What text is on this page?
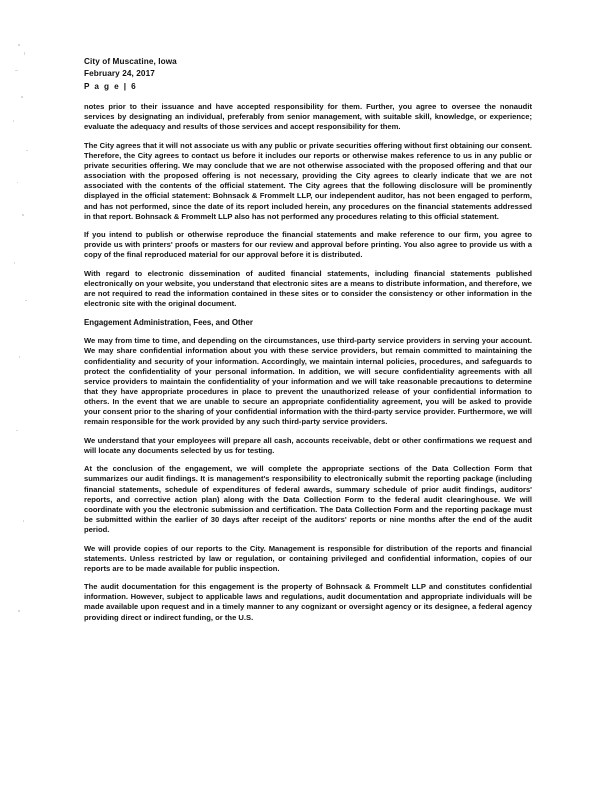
City of Muscatine, Iowa
February 24, 2017
P a g e | 6

notes prior to their issuance and have accepted responsibility for them. Further, you agree to oversee the nonaudit services by designating an individual, preferably from senior management, with suitable skill, knowledge, or experience; evaluate the adequacy and results of those services and accept responsibility for them.

The City agrees that it will not associate us with any public or private securities offering without first obtaining our consent. Therefore, the City agrees to contact us before it includes our reports or otherwise makes reference to us in any public or private securities offering. We may conclude that we are not otherwise associated with the proposed offering and that our association with the proposed offering is not necessary, providing the City agrees to clearly indicate that we are not associated with the contents of the official statement. The City agrees that the following disclosure will be prominently displayed in the official statement: Bohnsack & Frommelt LLP, our independent auditor, has not been engaged to perform, and has not performed, since the date of its report included herein, any procedures on the financial statements addressed in that report. Bohnsack & Frommelt LLP also has not performed any procedures relating to this official statement.

If you intend to publish or otherwise reproduce the financial statements and make reference to our firm, you agree to provide us with printers' proofs or masters for our review and approval before printing. You also agree to provide us with a copy of the final reproduced material for our approval before it is distributed.

With regard to electronic dissemination of audited financial statements, including financial statements published electronically on your website, you understand that electronic sites are a means to distribute information, and therefore, we are not required to read the information contained in these sites or to consider the consistency or other information in the electronic site with the original document.

Engagement Administration, Fees, and Other

We may from time to time, and depending on the circumstances, use third-party service providers in serving your account. We may share confidential information about you with these service providers, but remain committed to maintaining the confidentiality and security of your information. Accordingly, we maintain internal policies, procedures, and safeguards to protect the confidentiality of your personal information. In addition, we will secure confidentiality agreements with all service providers to maintain the confidentiality of your information and we will take reasonable precautions to determine that they have appropriate procedures in place to prevent the unauthorized release of your confidential information to others. In the event that we are unable to secure an appropriate confidentiality agreement, you will be asked to provide your consent prior to the sharing of your confidential information with the third-party service provider. Furthermore, we will remain responsible for the work provided by any such third-party service providers.

We understand that your employees will prepare all cash, accounts receivable, debt or other confirmations we request and will locate any documents selected by us for testing.

At the conclusion of the engagement, we will complete the appropriate sections of the Data Collection Form that summarizes our audit findings. It is management's responsibility to electronically submit the reporting package (including financial statements, schedule of expenditures of federal awards, summary schedule of prior audit findings, auditors' reports, and corrective action plan) along with the Data Collection Form to the federal audit clearinghouse. We will coordinate with you the electronic submission and certification. The Data Collection Form and the reporting package must be submitted within the earlier of 30 days after receipt of the auditors' reports or nine months after the end of the audit period.

We will provide copies of our reports to the City. Management is responsible for distribution of the reports and financial statements. Unless restricted by law or regulation, or containing privileged and confidential information, copies of our reports are to be made available for public inspection.

The audit documentation for this engagement is the property of Bohnsack & Frommelt LLP and constitutes confidential information. However, subject to applicable laws and regulations, audit documentation and appropriate individuals will be made available upon request and in a timely manner to any cognizant or oversight agency or its designee, a federal agency providing direct or indirect funding, or the U.S.
